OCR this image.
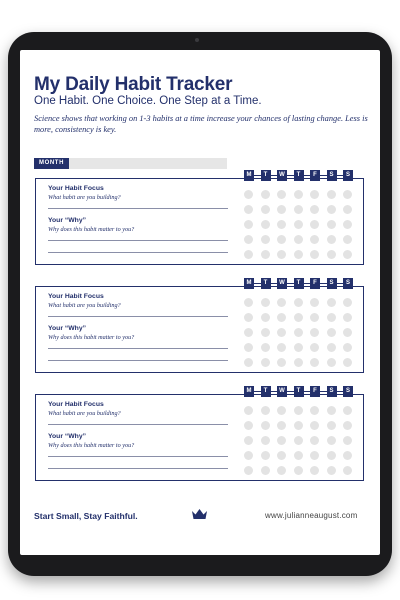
My Daily Habit Tracker
One Habit. One Choice. One Step at a Time.
Science shows that working on 1-3 habits at a time increase your chances of lasting change. Less is more, consistency is key.
MONTH
Your Habit Focus
What habit are you building?
Your “Why”
Why does this habit matter to you?
M	T	W	T	F	S	S
Your Habit Focus
What habit are you building?
Your “Why”
Why does this habit matter to you?
M	T	W	T	F	S	S
Your Habit Focus
What habit are you building?
Your “Why”
Why does this habit matter to you?
M	T	W	T	F	S	S
Start Small, Stay Faithful.	www.julianneaugust.com
